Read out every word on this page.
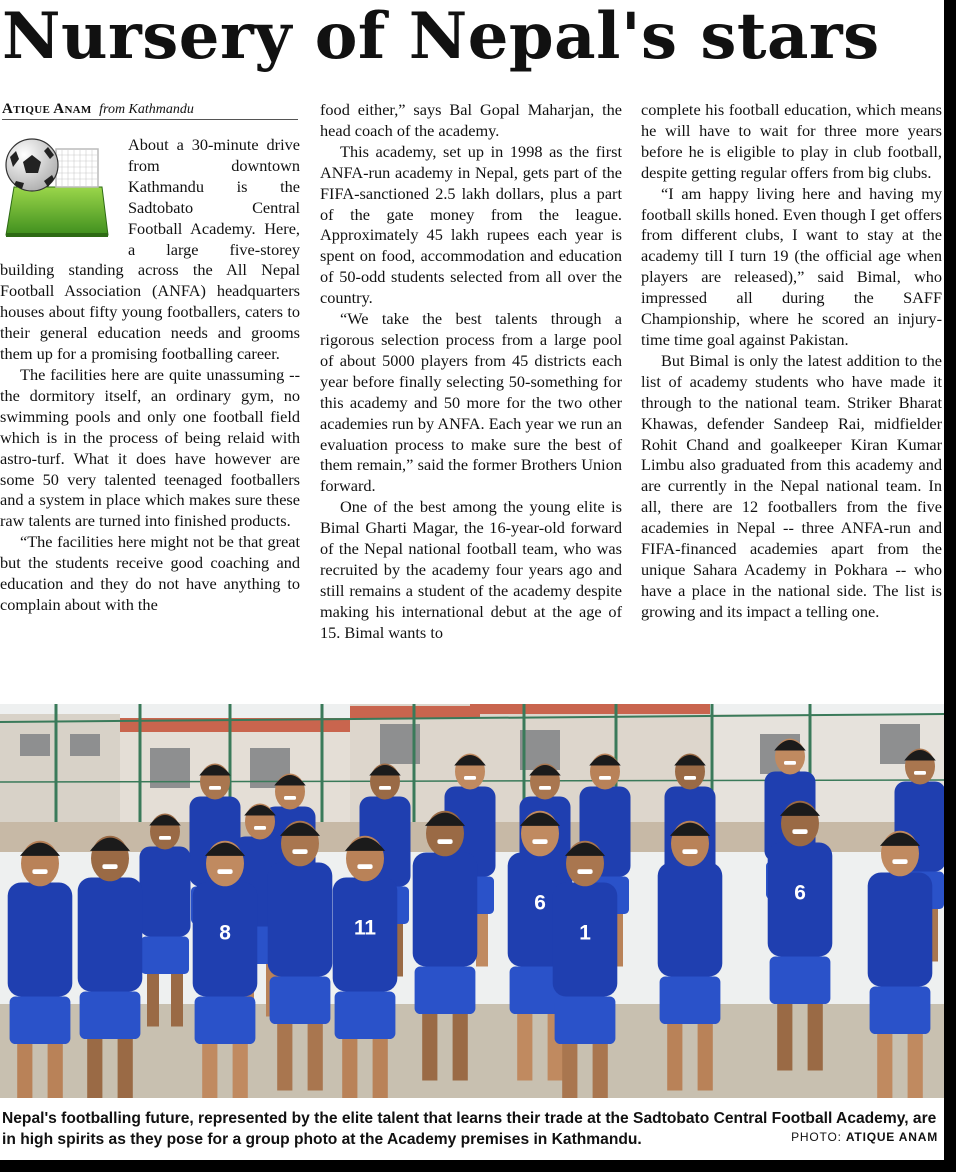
Nursery of Nepal's stars
Atique Anam from Kathmandu

About a 30-minute drive from downtown Kathmandu is the Sadtobato Central Football Academy. Here, a large five-storey building standing across the All Nepal Football Association (ANFA) headquarters houses about fifty young footballers, caters to their general education needs and grooms them up for a promising footballing career.

The facilities here are quite unassuming -- the dormitory itself, an ordinary gym, no swimming pools and only one football field which is in the process of being relaid with astro-turf. What it does have however are some 50 very talented teenaged footballers and a system in place which makes sure these raw talents are turned into finished products.

“The facilities here might not be that great but the students receive good coaching and education and they do not have anything to complain about with the

food either,” says Bal Gopal Maharjan, the head coach of the academy.

This academy, set up in 1998 as the first ANFA-run academy in Nepal, gets part of the FIFA-sanctioned 2.5 lakh dollars, plus a part of the gate money from the league. Approximately 45 lakh rupees each year is spent on food, accommodation and education of 50-odd students selected from all over the country.

“We take the best talents through a rigorous selection process from a large pool of about 5000 players from 45 districts each year before finally selecting 50-something for this academy and 50 more for the two other academies run by ANFA. Each year we run an evaluation process to make sure the best of them remain,” said the former Brothers Union forward.

One of the best among the young elite is Bimal Gharti Magar, the 16-year-old forward of the Nepal national football team, who was recruited by the academy four years ago and still remains a student of the academy despite making his international debut at the age of 15. Bimal wants to

complete his football education, which means he will have to wait for three more years before he is eligible to play in club football, despite getting regular offers from big clubs.

“I am happy living here and having my football skills honed. Even though I get offers from different clubs, I want to stay at the academy till I turn 19 (the official age when players are released),” said Bimal, who impressed all during the SAFF Championship, where he scored an injury-time time goal against Pakistan.

But Bimal is only the latest addition to the list of academy students who have made it through to the national team. Striker Bharat Khawas, defender Sandeep Rai, midfielder Rohit Chand and goalkeeper Kiran Kumar Limbu also graduated from this academy and are currently in the Nepal national team. In all, there are 12 footballers from the five academies in Nepal -- three ANFA-run and FIFA-financed academies apart from the unique Sahara Academy in Pokhara -- who have a place in the national side. The list is growing and its impact a telling one.

8	11
6
1
6
Nepal's footballing future, represented by the elite talent that learns their trade at the Sadtobato Central Football Academy, are in high spirits as they pose for a group photo at the Academy premises in Kathmandu.	PHOTO: ATIQUE ANAM
